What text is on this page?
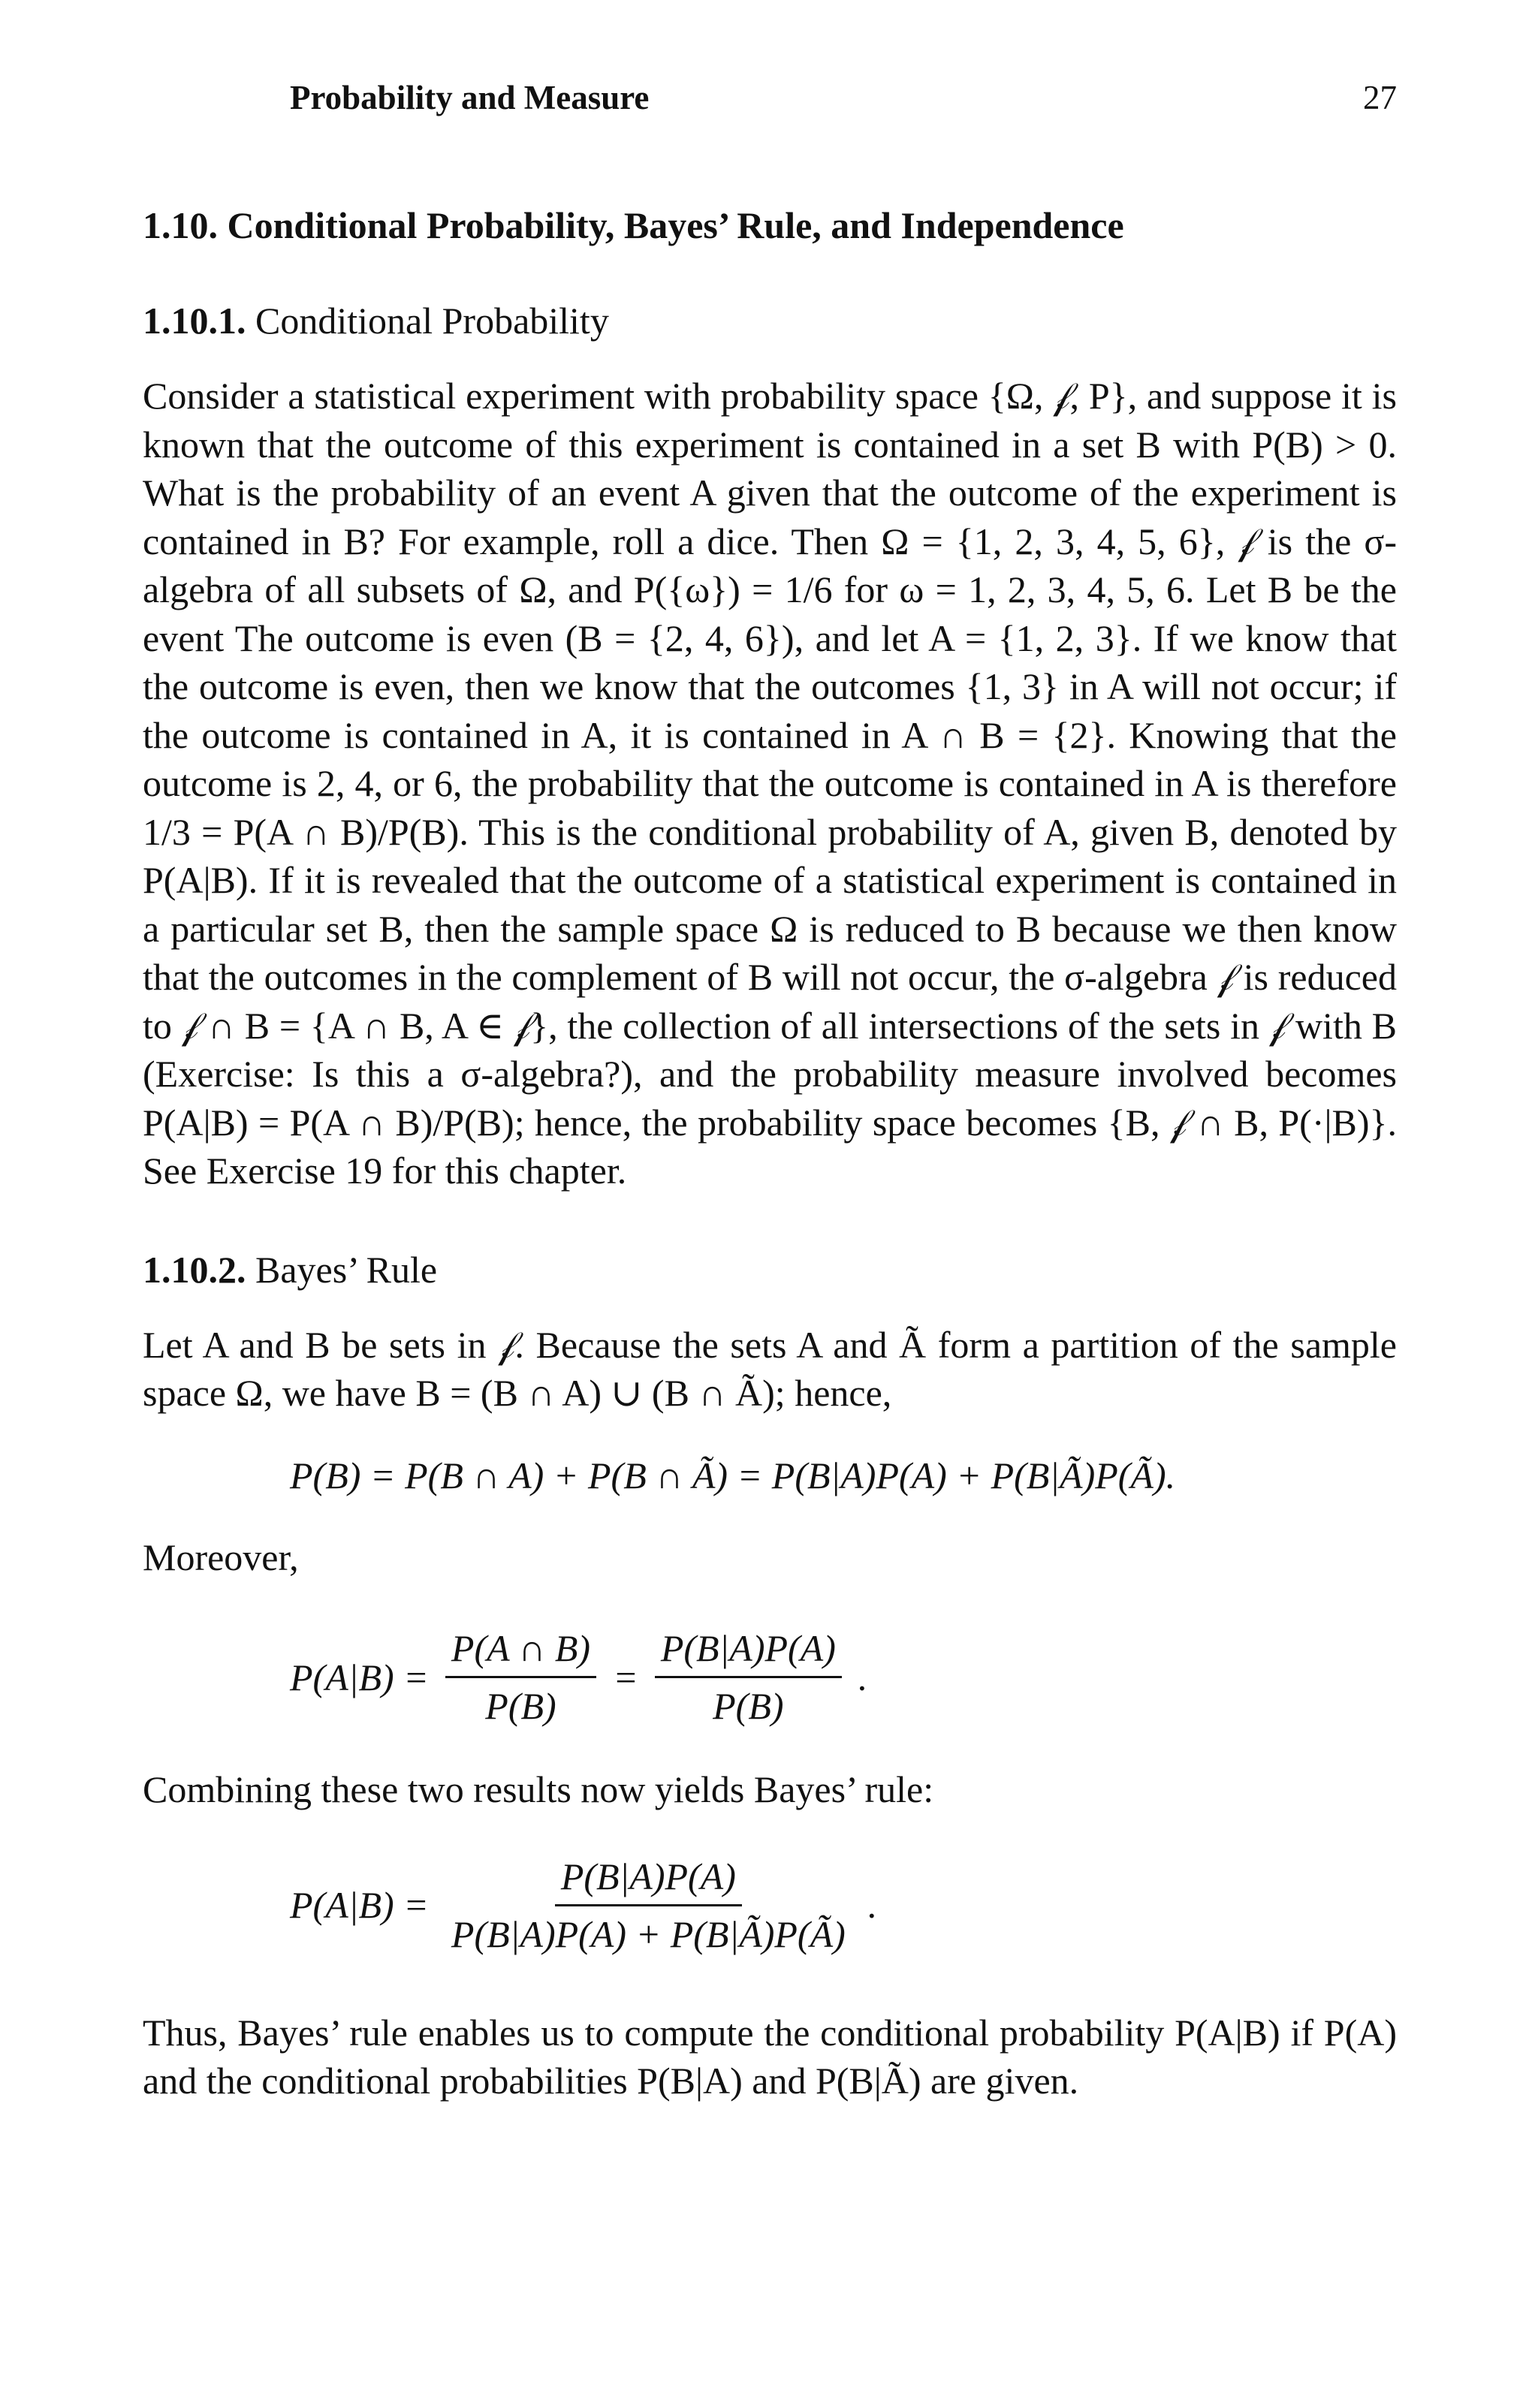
Probability and Measure	27
1.10. Conditional Probability, Bayes’ Rule, and Independence
1.10.1. Conditional Probability

Consider a statistical experiment with probability space {Ω, 𝒻, P}, and suppose it is known that the outcome of this experiment is contained in a set B with P(B) > 0. What is the probability of an event A given that the outcome of the experiment is contained in B? For example, roll a dice. Then Ω = {1, 2, 3, 4, 5, 6}, 𝒻 is the σ-algebra of all subsets of Ω, and P({ω}) = 1/6 for ω = 1, 2, 3, 4, 5, 6. Let B be the event The outcome is even (B = {2, 4, 6}), and let A = {1, 2, 3}. If we know that the outcome is even, then we know that the outcomes {1, 3} in A will not occur; if the outcome is contained in A, it is contained in A ∩ B = {2}. Knowing that the outcome is 2, 4, or 6, the probability that the outcome is contained in A is therefore 1/3 = P(A ∩ B)/P(B). This is the conditional probability of A, given B, denoted by P(A|B). If it is revealed that the outcome of a statistical experiment is contained in a particular set B, then the sample space Ω is reduced to B because we then know that the outcomes in the complement of B will not occur, the σ-algebra 𝒻 is reduced to 𝒻 ∩ B = {A ∩ B, A ∈ 𝒻}, the collection of all intersections of the sets in 𝒻 with B (Exercise: Is this a σ-algebra?), and the probability measure involved becomes P(A|B) = P(A ∩ B)/P(B); hence, the probability space becomes {B, 𝒻 ∩ B, P(·|B)}. See Exercise 19 for this chapter.

1.10.2. Bayes’ Rule

Let A and B be sets in 𝒻. Because the sets A and Ã form a partition of the sample space Ω, we have B = (B ∩ A) ∪ (B ∩ Ã); hence,

P(B) = P(B ∩ A) + P(B ∩ Ã) = P(B|A)P(A) + P(B|Ã)P(Ã).

Moreover,

$P(A|B) = \frac{P(A \cap B)}{P(B)} = \frac{P(B|A)P(A)}{P(B)}$ .

Combining these two results now yields Bayes’ rule:

$P(A|B) = \frac{P(B|A)P(A)}{P(B|A)P(A) + P(B|Ã)P(Ã)}$ .

Thus, Bayes’ rule enables us to compute the conditional probability P(A|B) if P(A) and the conditional probabilities P(B|A) and P(B|Ã) are given.
